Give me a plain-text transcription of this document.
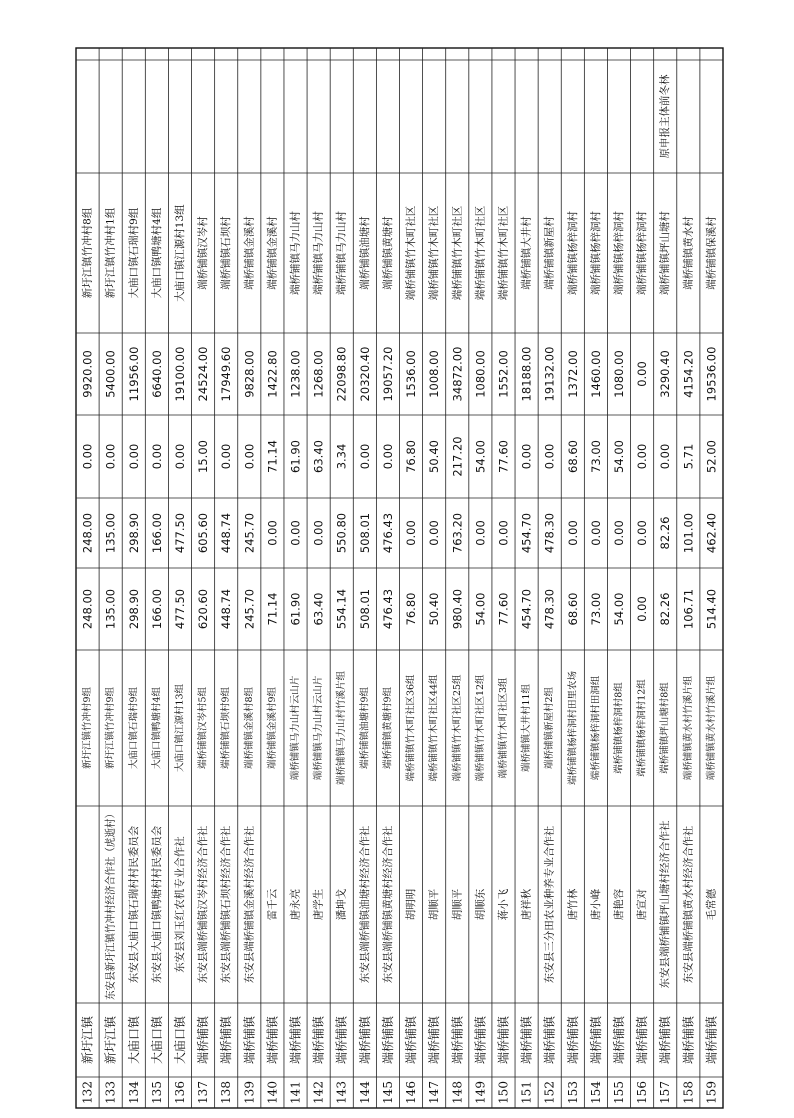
132
新圩江镇
新圩江镇竹冲村9组
248.00
248.00
0.00
9920.00
新圩江镇竹冲村8组
133
新圩江镇
东安县新圩江镇竹冲村经济合作社（虎逝村）
新圩江镇竹冲村9组
135.00
135.00
0.00
5400.00
新圩江镇竹冲村1组
134
大庙口镇
东安县大庙口镇石瑞村村民委员会
大庙口镇石瑞村9组
298.90
298.90
0.00
11956.00
大庙口镇石瑞村9组
135
大庙口镇
东安县大庙口镇鸭塘村村民委员会
大庙口镇鸭塘村4组
166.00
166.00
0.00
6640.00
大庙口镇鸭塘村4组
136
大庙口镇
东安县刘玉红农机专业合作社
大庙口镇江源村13组
477.50
477.50
0.00
19100.00
大庙口镇江源村13组
137
端桥铺镇
东安县端桥铺镇汉岑村经济合作社
端桥铺镇汉岑村5组
620.60
605.60
15.00
24524.00
端桥铺镇汉岑村
138
端桥铺镇
东安县端桥铺镇石坝村经济合作社
端桥铺镇石坝村9组
448.74
448.74
0.00
17949.60
端桥铺镇石坝村
139
端桥铺镇
东安县端桥铺镇金溪村经济合作社
端桥铺镇金溪村8组
245.70
245.70
0.00
9828.00
端桥铺镇金溪村
140
端桥铺镇
雷千云
端桥铺镇金溪村9组
71.14
0.00
71.14
1422.80
端桥铺镇金溪村
141
端桥铺镇
唐永亮
端桥铺镇马力山村云山片
61.90
0.00
61.90
1238.00
端桥铺镇马力山村
142
端桥铺镇
唐学生
端桥铺镇马力山村云山片
63.40
0.00
63.40
1268.00
端桥铺镇马力山村
143
端桥铺镇
潘坤戈
端桥铺镇马力山村竹溪片组
554.14
550.80
3.34
22098.80
端桥铺镇马力山村
144
端桥铺镇
东安县端桥铺镇油塘村经济合作社
端桥铺镇油塘村9组
508.01
508.01
0.00
20320.40
端桥铺镇油塘村
145
端桥铺镇
东安县端桥铺镇黄塘村经济合作社
端桥铺镇黄塘村9组
476.43
476.43
0.00
19057.20
端桥铺镇黄塘村
146
端桥铺镇
胡明明
端桥铺镇竹木町社区36组
76.80
0.00
76.80
1536.00
端桥铺镇竹木町社区
147
端桥铺镇
胡顺平
端桥铺镇竹木町社区44组
50.40
0.00
50.40
1008.00
端桥铺镇竹木町社区
148
端桥铺镇
胡顺平
端桥铺镇竹木町社区25组
980.40
763.20
217.20
34872.00
端桥铺镇竹木町社区
149
端桥铺镇
胡顺东
端桥铺镇竹木町社区12组
54.00
0.00
54.00
1080.00
端桥铺镇竹木町社区
150
端桥铺镇
蒋小飞
端桥铺镇竹木町社区3组
77.60
0.00
77.60
1552.00
端桥铺镇竹木町社区
151
端桥铺镇
唐祥秋
端桥铺镇大井村11组
454.70
454.70
0.00
18188.00
端桥铺镇大井村
152
端桥铺镇
东安县三分田农业种养专业合作社
端桥铺镇新屋村2组
478.30
478.30
0.00
19132.00
端桥铺镇新屋村
153
端桥铺镇
唐竹林
端桥铺镇杨梓洞村田里农场
68.60
0.00
68.60
1372.00
端桥铺镇杨梓洞村
154
端桥铺镇
唐小峰
端桥铺镇杨梓洞村田洞组
73.00
0.00
73.00
1460.00
端桥铺镇杨梓洞村
155
端桥铺镇
唐艳容
端桥铺镇杨梓洞村8组
54.00
0.00
54.00
1080.00
端桥铺镇杨梓洞村
156
端桥铺镇
唐宣对
端桥铺镇杨梓洞村12组
0.00
0.00
0.00
0.00
端桥铺镇杨梓洞村
157
端桥铺镇
东安县端桥铺镇坪山塘村经济合作社
端桥铺镇坪山塘村8组
82.26
82.26
0.00
3290.40
端桥铺镇坪山塘村
原申报主体前冬林
158
端桥铺镇
东安县端桥铺镇黄水村经济合作社
端桥铺镇黄水村竹溪片组
106.71
101.00
5.71
4154.20
端桥铺镇黄水村
159
端桥铺镇
毛常德
端桥铺镇黄水村竹溪片组
514.40
462.40
52.00
19536.00
端桥铺镇保溪村
